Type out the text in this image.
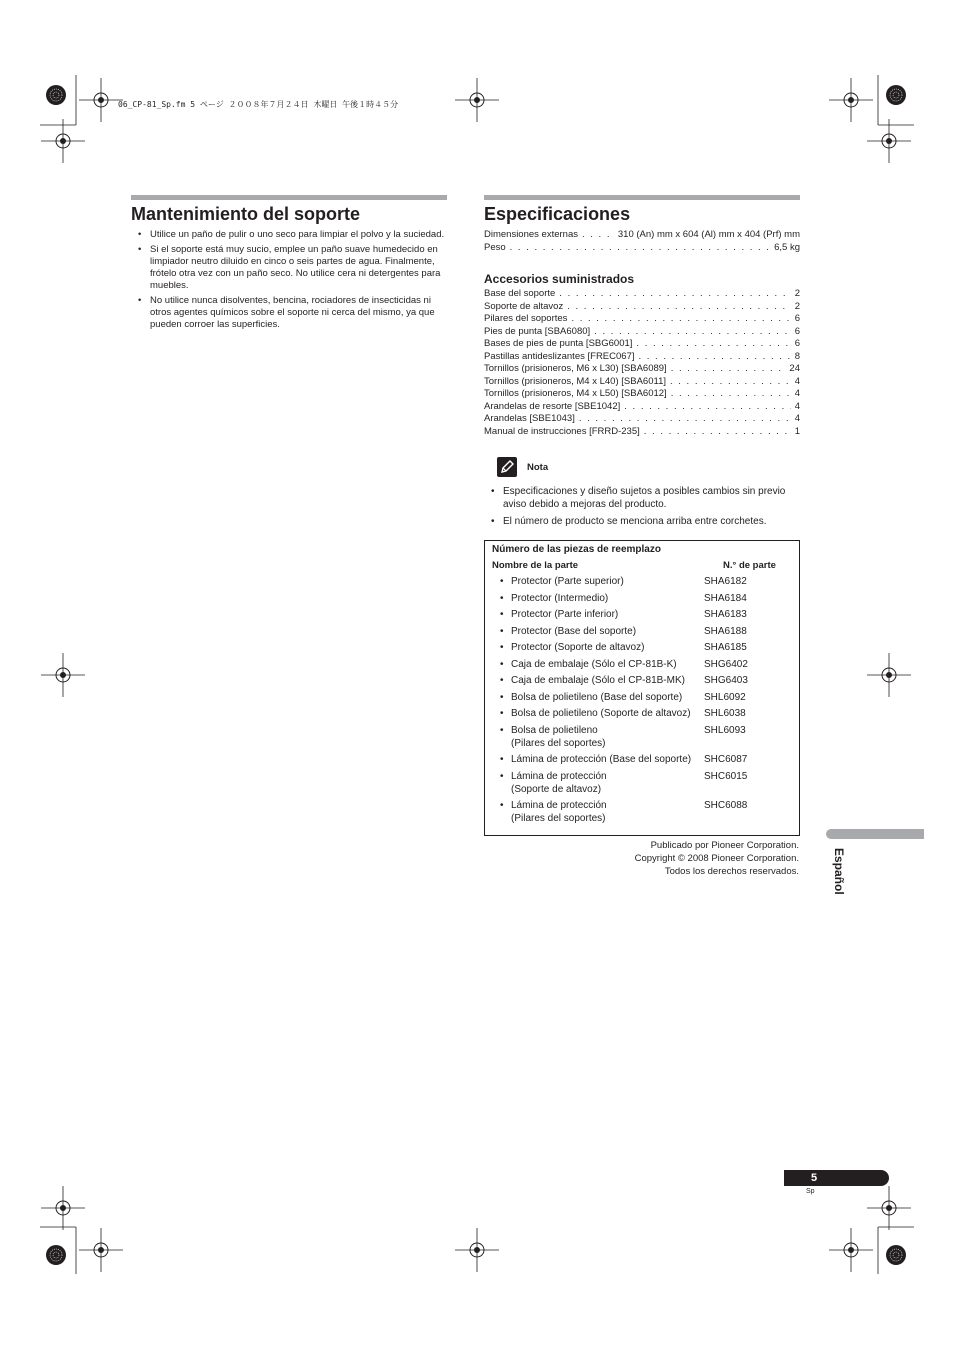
06_CP-81_Sp.fm 5 ページ ２００８年７月２４日 木曜日 午後１時４５分
Mantenimiento del soporte
• Utilice un paño de pulir o uno seco para limpiar el polvo y la suciedad.
• Si el soporte está muy sucio, emplee un paño suave humedecido en limpiador neutro diluido en cinco o seis partes de agua. Finalmente, frótelo otra vez con un paño seco. No utilice cera ni detergentes para muebles.
• No utilice nunca disolventes, bencina, rociadores de insecticidas ni otros agentes químicos sobre el soporte ni cerca del mismo, ya que pueden corroer las superficies.
Especificaciones
Dimensiones externas . . .	310 (An) mm x 604 (Al) mm x 404 (Prf) mm
Peso . . .	6,5 kg
Accesorios suministrados
Base del soporte . . .	2
Soporte de altavoz . . .	2
Pilares del soportes . . .	6
Pies de punta [SBA6080] . . .	6
Bases de pies de punta [SBG6001] . . .	6
Pastillas antideslizantes [FREC067] . . .	8
Tornillos (prisioneros, M6 x L30) [SBA6089] . . .	24
Tornillos (prisioneros, M4 x L40) [SBA6011] . . .	4
Tornillos (prisioneros, M4 x L50) [SBA6012] . . .	4
Arandelas de resorte [SBE1042] . . .	4
Arandelas [SBE1043] . . .	4
Manual de instrucciones [FRRD-235] . . .	1
Nota
• Especificaciones y diseño sujetos a posibles cambios sin previo aviso debido a mejoras del producto.
• El número de producto se menciona arriba entre corchetes.
Número de las piezas de reemplazo
Nombre de la parte	N.° de parte
• Protector (Parte superior)	SHA6182
• Protector (Intermedio)	SHA6184
• Protector (Parte inferior)	SHA6183
• Protector (Base del soporte)	SHA6188
• Protector (Soporte de altavoz)	SHA6185
• Caja de embalaje (Sólo el CP-81B-K)	SHG6402
• Caja de embalaje (Sólo el CP-81B-MK)	SHG6403
• Bolsa de polietileno (Base del soporte)	SHL6092
• Bolsa de polietileno (Soporte de altavoz)	SHL6038
• Bolsa de polietileno
(Pilares del soportes)
SHL6093
• Lámina de protección (Base del soporte)	SHC6087
• Lámina de protección
(Soporte de altavoz)
SHC6015
• Lámina de protección
(Pilares del soportes)
SHC6088
Publicado por Pioneer Corporation.
Copyright © 2008 Pioneer Corporation.
Todos los derechos reservados.	Español
5
Sp
